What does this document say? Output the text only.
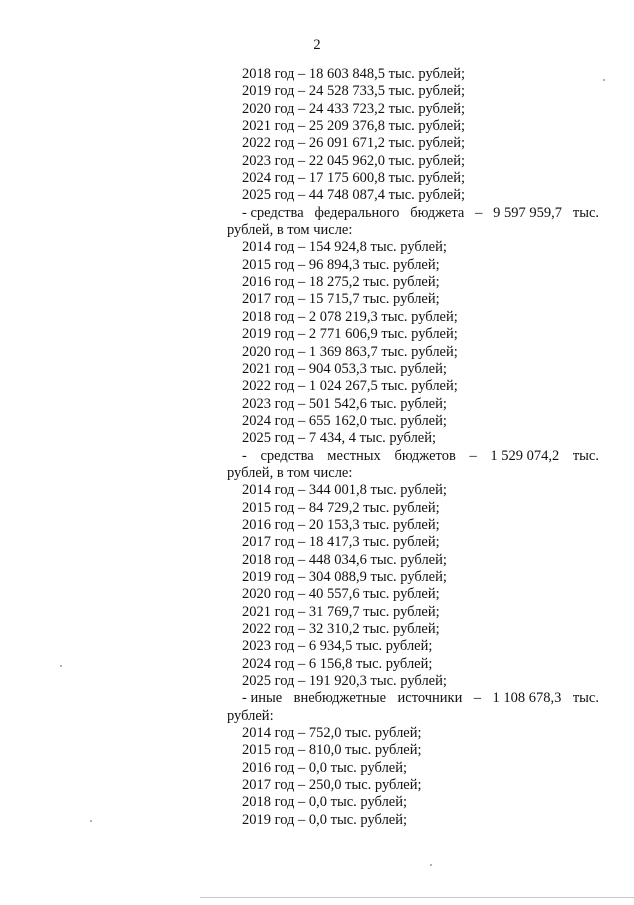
2
2018 год – 18 603 848,5 тыс. рублей;
2019 год – 24 528 733,5 тыс. рублей;
2020 год – 24 433 723,2 тыс. рублей;
2021 год – 25 209 376,8 тыс. рублей;
2022 год – 26 091 671,2 тыс. рублей;
2023 год – 22 045 962,0 тыс. рублей;
2024 год – 17 175 600,8 тыс. рублей;
2025 год – 44 748 087,4 тыс. рублей;
- средства федерального бюджета – 9 597 959,7 тыс.
рублей, в том числе:
2014 год – 154 924,8 тыс. рублей;
2015 год – 96 894,3 тыс. рублей;
2016 год – 18 275,2 тыс. рублей;
2017 год – 15 715,7 тыс. рублей;
2018 год – 2 078 219,3 тыс. рублей;
2019 год – 2 771 606,9 тыс. рублей;
2020 год – 1 369 863,7 тыс. рублей;
2021 год – 904 053,3 тыс. рублей;
2022 год – 1 024 267,5 тыс. рублей;
2023 год – 501 542,6 тыс. рублей;
2024 год – 655 162,0 тыс. рублей;
2025 год – 7 434, 4 тыс. рублей;
- средства местных бюджетов – 1 529 074,2 тыс.
рублей, в том числе:
2014 год – 344 001,8 тыс. рублей;
2015 год – 84 729,2 тыс. рублей;
2016 год – 20 153,3 тыс. рублей;
2017 год – 18 417,3 тыс. рублей;
2018 год – 448 034,6 тыс. рублей;
2019 год – 304 088,9 тыс. рублей;
2020 год – 40 557,6 тыс. рублей;
2021 год – 31 769,7 тыс. рублей;
2022 год – 32 310,2 тыс. рублей;
2023 год – 6 934,5 тыс. рублей;
2024 год – 6 156,8 тыс. рублей;
2025 год – 191 920,3 тыс. рублей;
- иные внебюджетные источники – 1 108 678,3 тыс.
рублей:
2014 год – 752,0 тыс. рублей;
2015 год – 810,0 тыс. рублей;
2016 год – 0,0 тыс. рублей;
2017 год – 250,0 тыс. рублей;
2018 год – 0,0 тыс. рублей;
2019 год – 0,0 тыс. рублей;
